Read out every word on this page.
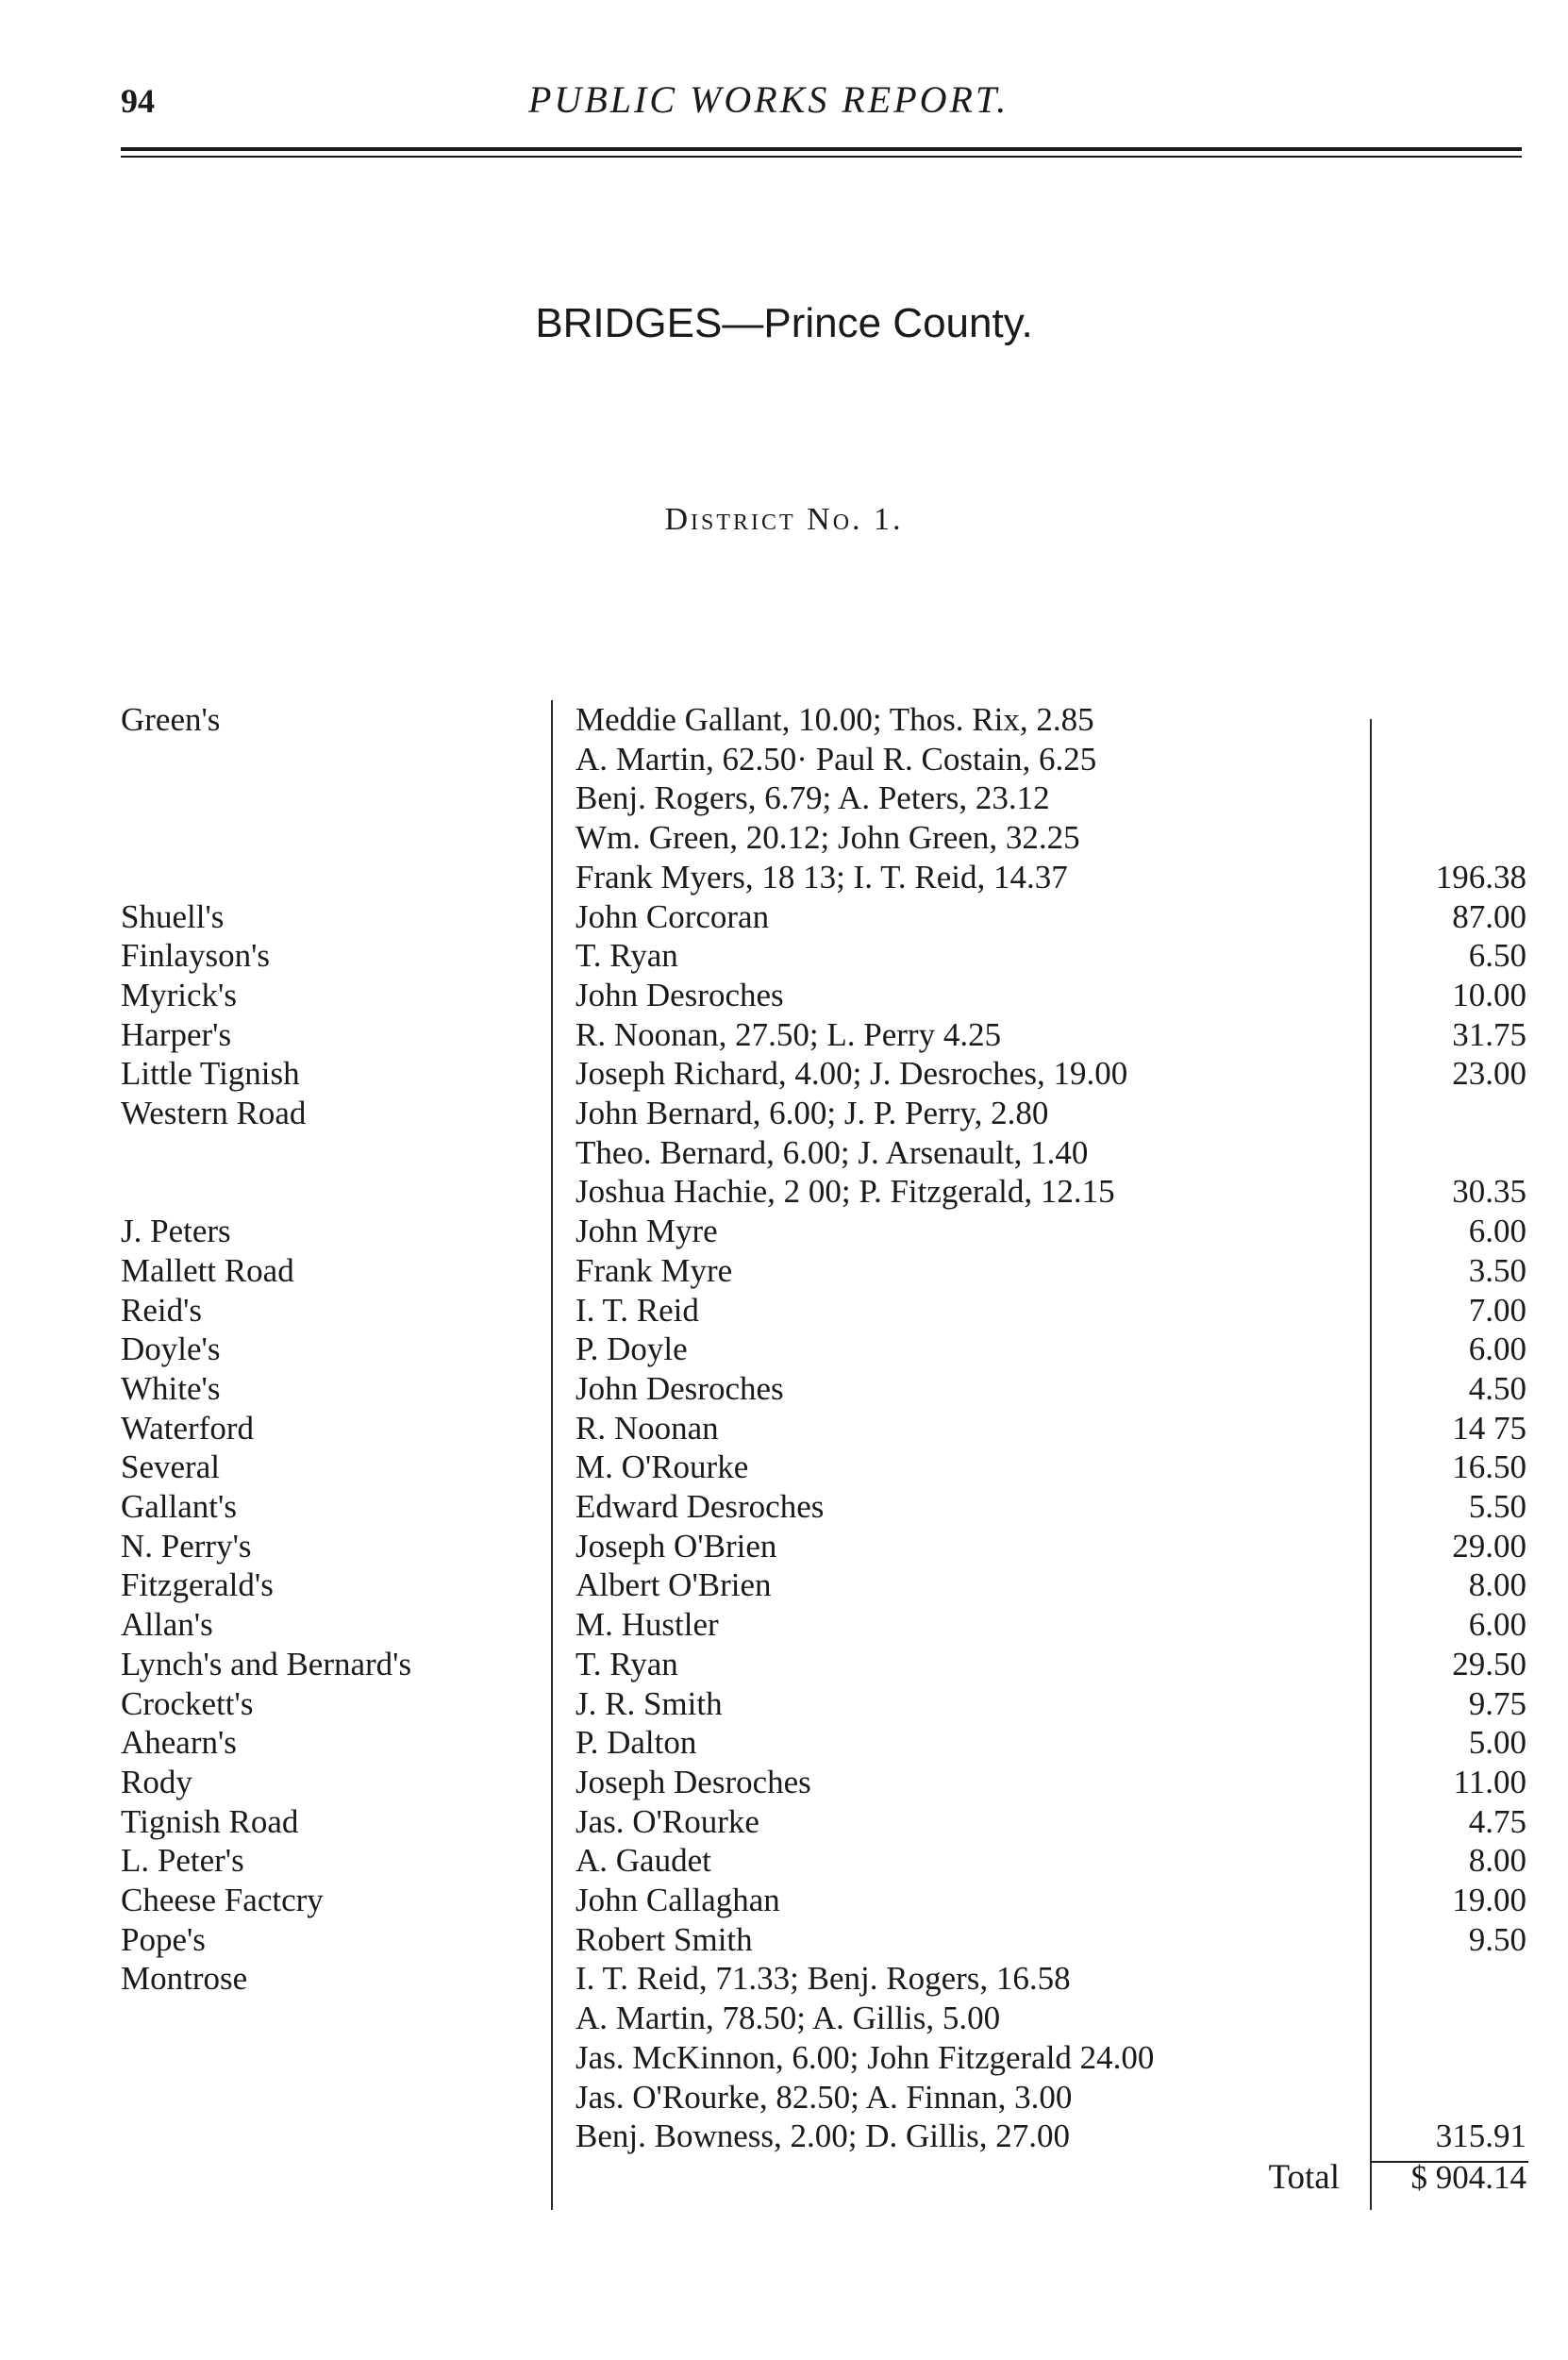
94	PUBLIC WORKS REPORT.
BRIDGES—Prince County.
District No. 1.
Green's	Meddie Gallant, 10.00; Thos. Rix, 2.85
A. Martin, 62.50· Paul R. Costain, 6.25
Benj. Rogers, 6.79; A. Peters, 23.12
Wm. Green, 20.12; John Green, 32.25
Frank Myers, 18 13; I. T. Reid, 14.37	196.38
Shuell's	John Corcoran	87.00
Finlayson's	T. Ryan	6.50
Myrick's	John Desroches	10.00
Harper's	R. Noonan, 27.50; L. Perry 4.25	31.75
Little Tignish	Joseph Richard, 4.00; J. Desroches, 19.00	23.00
Western Road	John Bernard, 6.00; J. P. Perry, 2.80
Theo. Bernard, 6.00; J. Arsenault, 1.40
Joshua Hachie, 2 00; P. Fitzgerald, 12.15	30.35
J. Peters	John Myre	6.00
Mallett Road	Frank Myre	3.50
Reid's	I. T. Reid	7.00
Doyle's	P. Doyle	6.00
White's	John Desroches	4.50
Waterford	R. Noonan	14 75
Several	M. O'Rourke	16.50
Gallant's	Edward Desroches	5.50
N. Perry's	Joseph O'Brien	29.00
Fitzgerald's	Albert O'Brien	8.00
Allan's	M. Hustler	6.00
Lynch's and Bernard's	T. Ryan	29.50
Crockett's	J. R. Smith	9.75
Ahearn's	P. Dalton	5.00
Rody	Joseph Desroches	11.00
Tignish Road	Jas. O'Rourke	4.75
L. Peter's	A. Gaudet	8.00
Cheese Factcry	John Callaghan	19.00
Pope's	Robert Smith	9.50
Montrose	I. T. Reid, 71.33; Benj. Rogers, 16.58
A. Martin, 78.50; A. Gillis, 5.00
Jas. McKinnon, 6.00; John Fitzgerald 24.00
Jas. O'Rourke, 82.50; A. Finnan, 3.00
Benj. Bowness, 2.00; D. Gillis, 27.00	315.91
Total	$ 904.14
